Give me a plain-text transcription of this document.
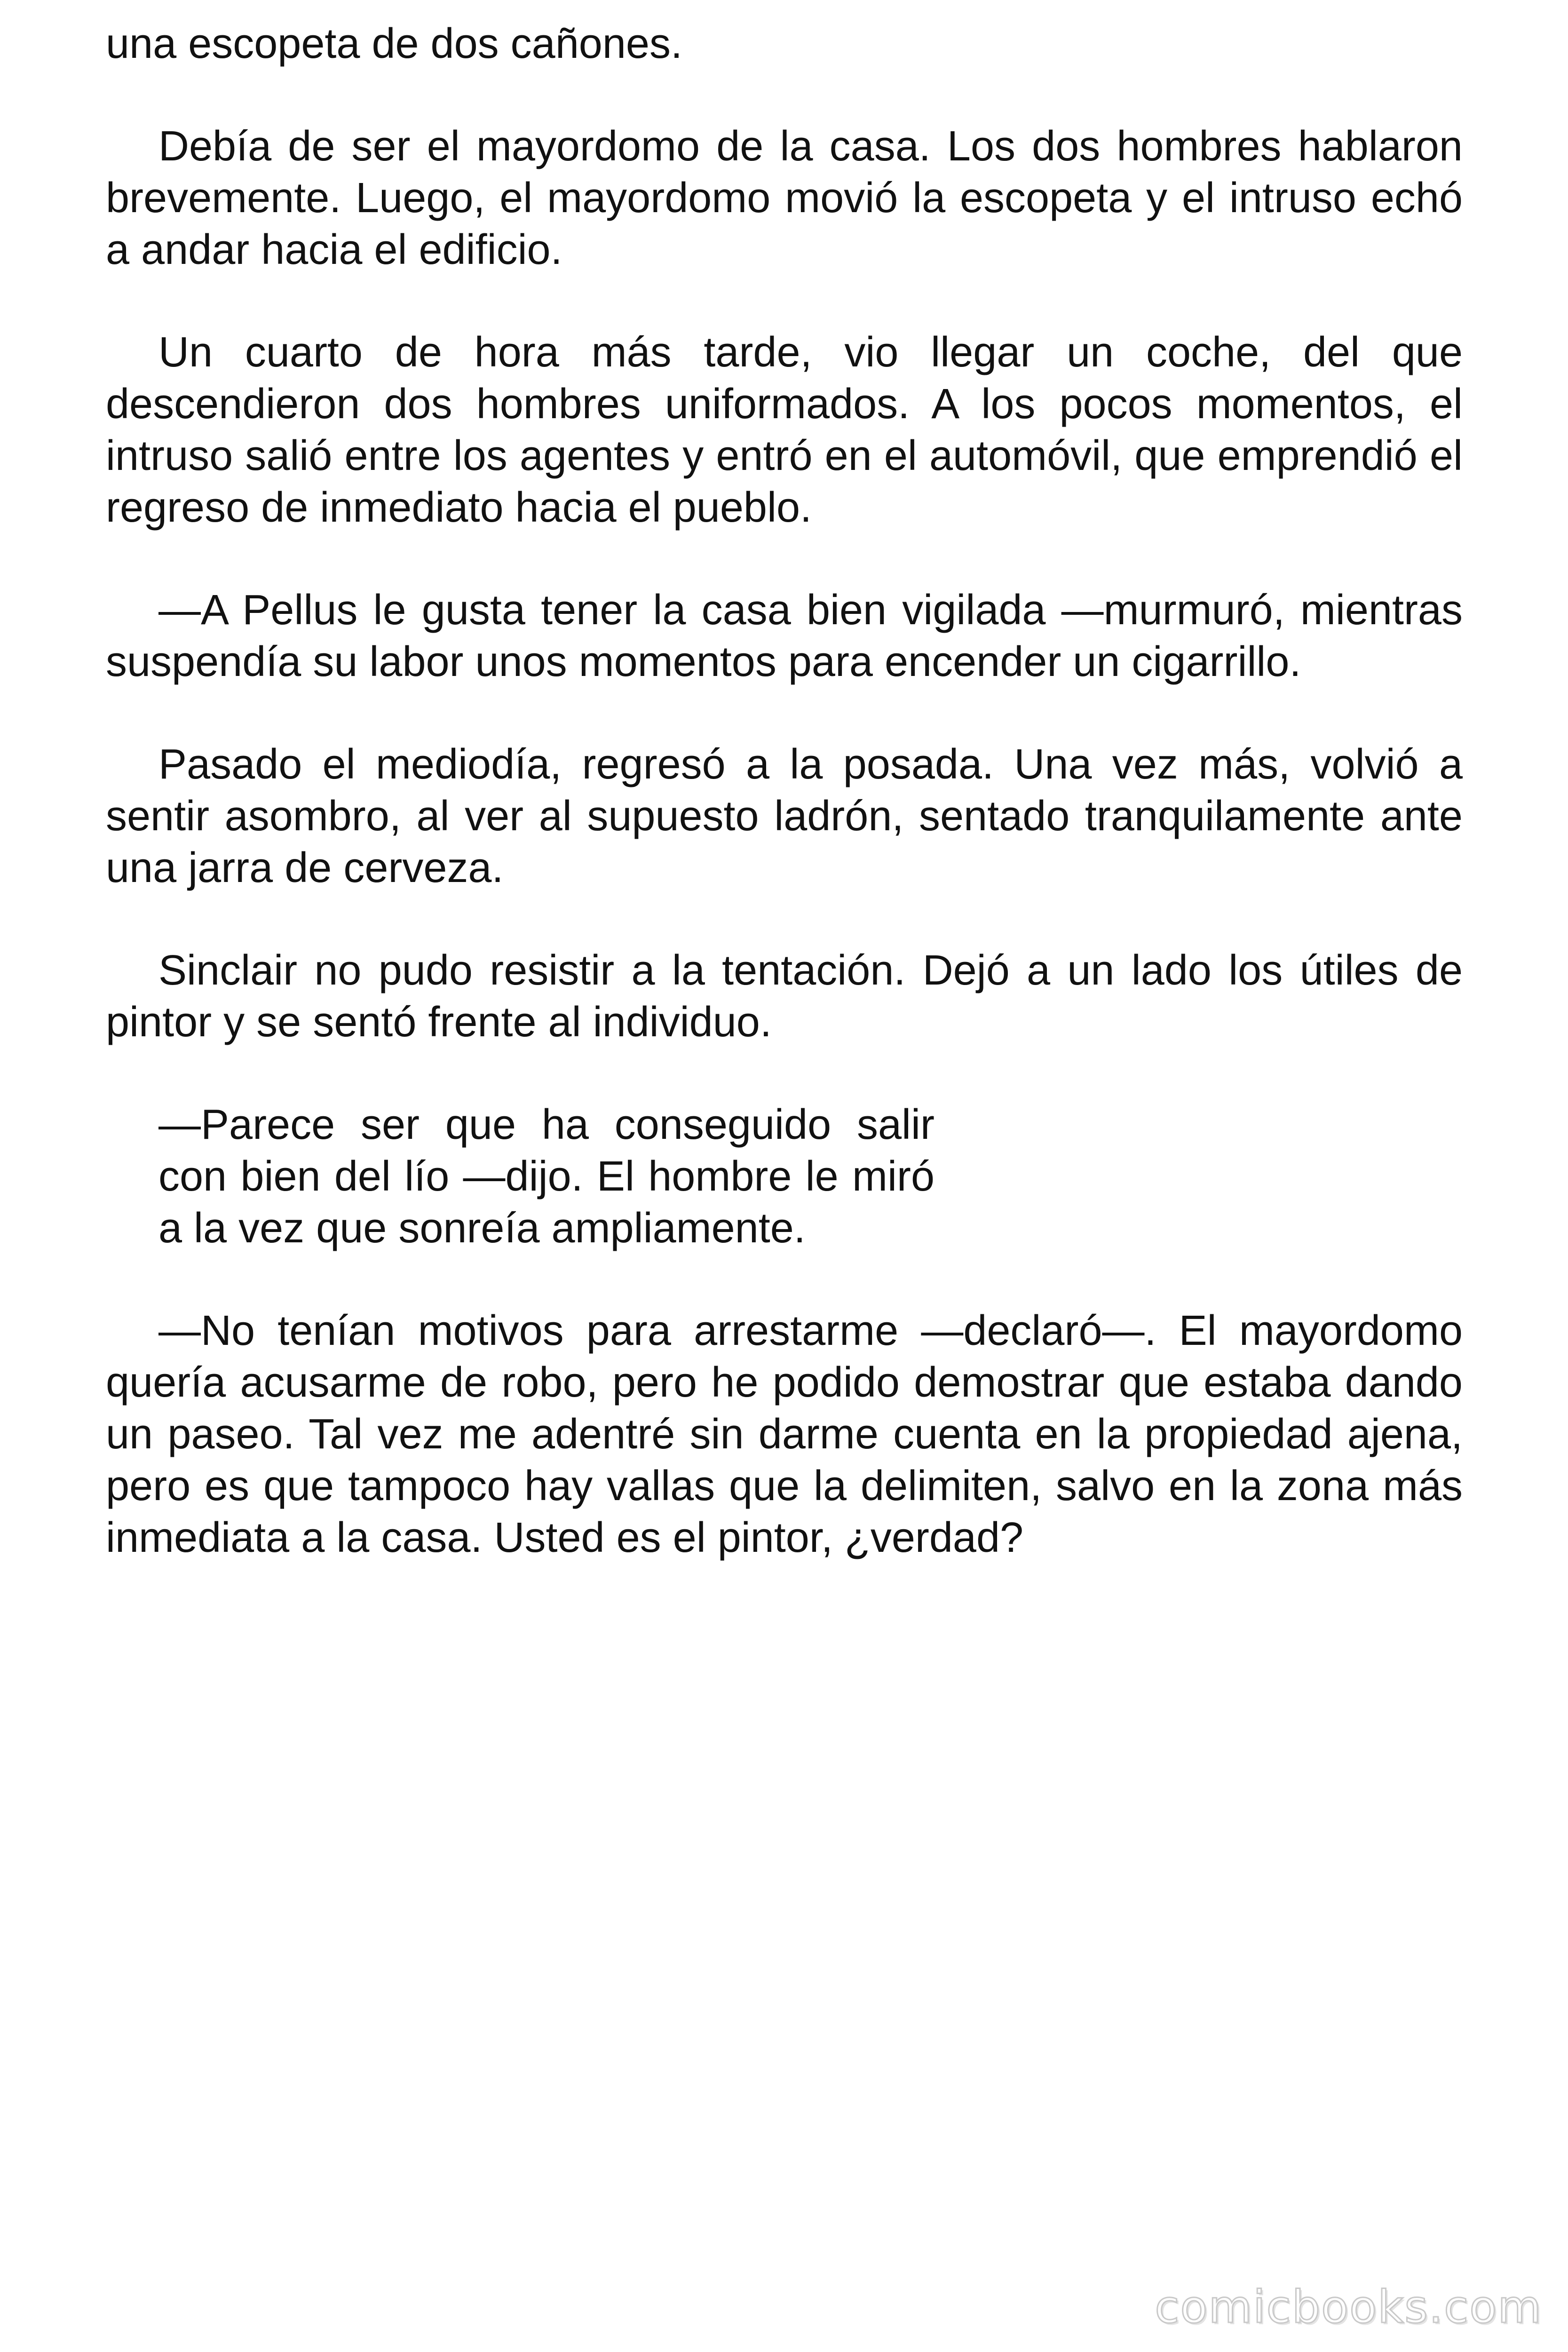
una escopeta de dos cañones.

Debía de ser el mayordomo de la casa. Los dos hombres hablaron brevemente. Luego, el mayordomo movió la escopeta y el intruso echó a andar hacia el edificio.

Un cuarto de hora más tarde, vio llegar un coche, del que descendieron dos hombres uniformados. A los pocos momentos, el intruso salió entre los agentes y entró en el automóvil, que emprendió el regreso de inmediato hacia el pueblo.

—A Pellus le gusta tener la casa bien vigilada —murmuró, mientras suspendía su labor unos momentos para encender un cigarrillo.

Pasado el mediodía, regresó a la posada. Una vez más, volvió a sentir asombro, al ver al supuesto ladrón, sentado tranquilamente ante una jarra de cerveza.

Sinclair no pudo resistir a la tentación. Dejó a un lado los útiles de pintor y se sentó frente al individuo.

—Parece ser que ha conseguido salir con bien del lío —dijo. El hombre le miró a la vez que sonreía ampliamente.

—No tenían motivos para arrestarme —declaró—. El mayordomo quería acusarme de robo, pero he podido demostrar que estaba dando un paseo. Tal vez me adentré sin darme cuenta en la propiedad ajena, pero es que tampoco hay vallas que la delimiten, salvo en la zona más inmediata a la casa. Usted es el pintor, ¿verdad?

comicbooks.com
